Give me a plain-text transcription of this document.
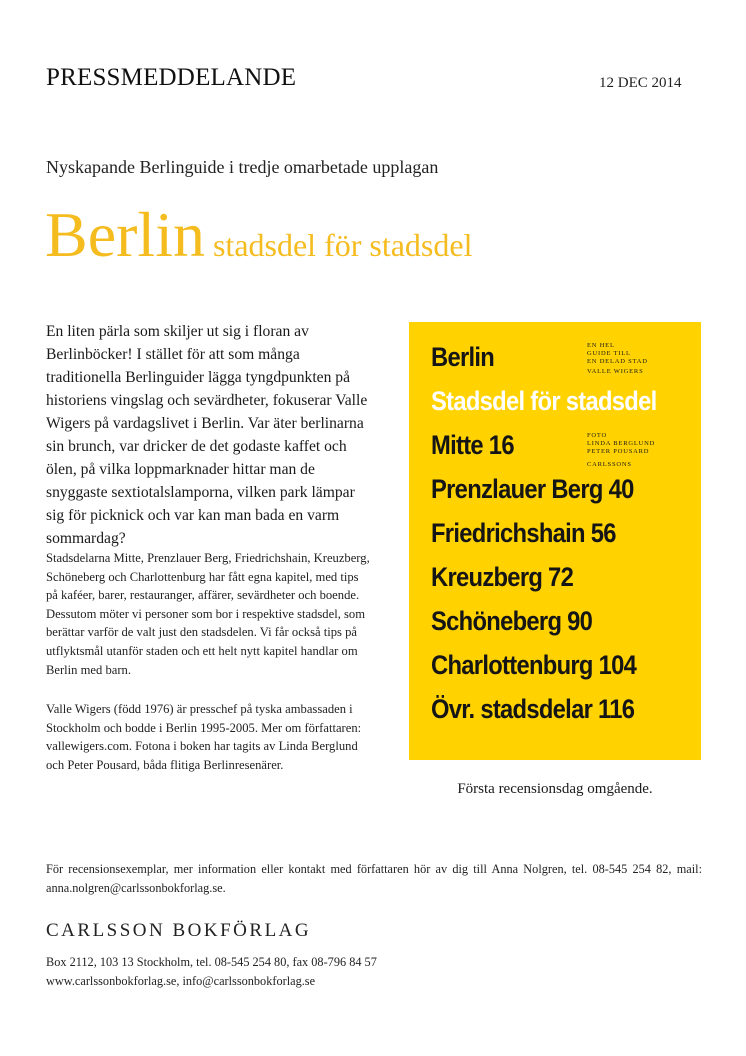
PRESSMEDDELANDE	12 DEC 2014
Nyskapande Berlinguide i tredje omarbetade upplagan
Berlin stadsdel för stadsdel
En liten pärla som skiljer ut sig i floran av Berlinböcker! I stället för att som många traditionella Berlinguider lägga tyngdpunkten på historiens vingslag och sevärdheter, fokuserar Valle Wigers på vardagslivet i Berlin. Var äter berlinarna sin brunch, var dricker de det godaste kaffet och ölen, på vilka loppmarknader hittar man de snyggaste sextiotalslamporna, vilken park lämpar sig för picknick och var kan man bada en varm sommardag?
Stadsdelarna Mitte, Prenzlauer Berg, Friedrichshain, Kreuzberg, Schöneberg och Charlottenburg har fått egna kapitel, med tips på kaféer, barer, restauranger, affärer, sevärdheter och boende. Dessutom möter vi personer som bor i respektive stadsdel, som berättar varför de valt just den stadsdelen. Vi får också tips på utflyktsmål utanför staden och ett helt nytt kapitel handlar om Berlin med barn.
Valle Wigers (född 1976) är presschef på tyska ambassaden i Stockholm och bodde i Berlin 1995-2005. Mer om författaren: vallewigers.com. Fotona i boken har tagits av Linda Berglund och Peter Pousard, båda flitiga Berlinresenärer.
Berlin
Stadsdel för stadsdel
Mitte 16
Prenzlauer Berg 40
Friedrichshain 56
Kreuzberg 72
Schöneberg 90
Charlottenburg 104
Övr. stadsdelar 116
EN HEL
GUIDE TILL
EN DELAD STAD
VALLE WIGERS
FOTO
LINDA BERGLUND
PETER POUSARD
CARLSSONS
Första recensionsdag omgående.
För recensionsexemplar, mer information eller kontakt med författaren hör av dig till Anna Nolgren, tel. 08-545 254 82, mail: anna.nolgren@carlssonbokforlag.se.
CARLSSON BOKFÖRLAG
Box 2112, 103 13 Stockholm, tel. 08-545 254 80, fax 08-796 84 57
www.carlssonbokforlag.se, info@carlssonbokforlag.se
